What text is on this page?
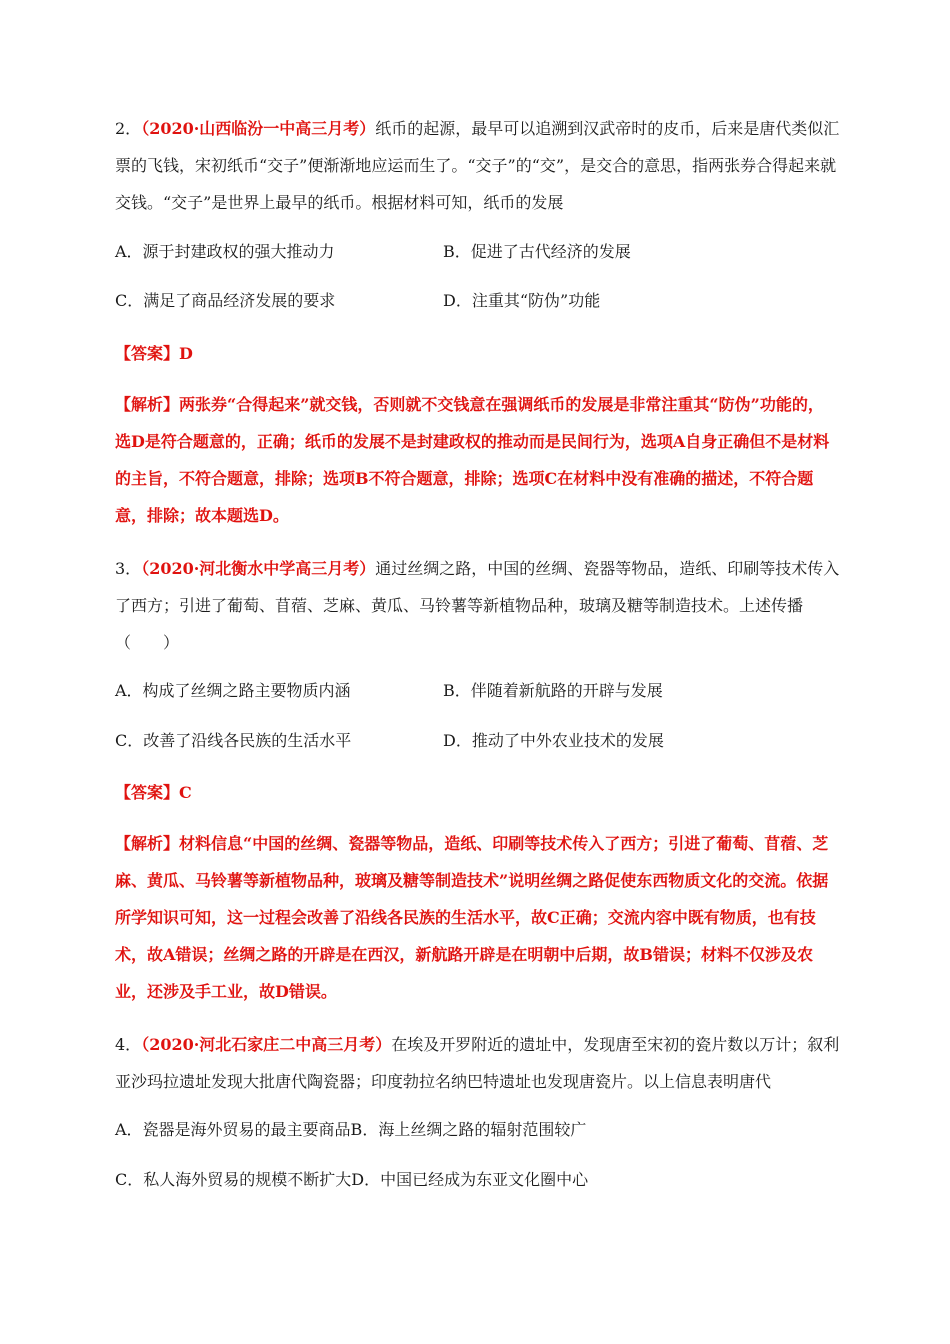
2．（2020·山西临汾一中高三月考）纸币的起源，最早可以追溯到汉武帝时的皮币，后来是唐代类似汇票的飞钱，宋初纸币“交子”便渐渐地应运而生了。“交子”的“交”，是交合的意思，指两张券合得起来就交钱。“交子”是世界上最早的纸币。根据材料可知，纸币的发展
A．源于封建政权的强大推动力	B．促进了古代经济的发展
C．满足了商品经济发展的要求	D．注重其“防伪”功能
【答案】D
【解析】两张券“合得起来”就交钱，否则就不交钱意在强调纸币的发展是非常注重其“防伪”功能的，选D是符合题意的，正确；纸币的发展不是封建政权的推动而是民间行为，选项A自身正确但不是材料的主旨，不符合题意，排除；选项B不符合题意，排除；选项C在材料中没有准确的描述，不符合题意，排除；故本题选D。
3．（2020·河北衡水中学高三月考）通过丝绸之路，中国的丝绸、瓷器等物品，造纸、印刷等技术传入了西方；引进了葡萄、苜蓿、芝麻、黄瓜、马铃薯等新植物品种，玻璃及糖等制造技术。上述传播（　　）
A．构成了丝绸之路主要物质内涵	B．伴随着新航路的开辟与发展
C．改善了沿线各民族的生活水平	D．推动了中外农业技术的发展
【答案】C
【解析】材料信息“中国的丝绸、瓷器等物品，造纸、印刷等技术传入了西方；引进了葡萄、苜蓿、芝麻、黄瓜、马铃薯等新植物品种，玻璃及糖等制造技术”说明丝绸之路促使东西物质文化的交流。依据所学知识可知，这一过程会改善了沿线各民族的生活水平，故C正确；交流内容中既有物质，也有技术，故A错误；丝绸之路的开辟是在西汉，新航路开辟是在明朝中后期，故B错误；材料不仅涉及农业，还涉及手工业，故D错误。
4．（2020·河北石家庄二中高三月考）在埃及开罗附近的遗址中，发现唐至宋初的瓷片数以万计；叙利亚沙玛拉遗址发现大批唐代陶瓷器；印度勃拉名纳巴特遗址也发现唐瓷片。以上信息表明唐代
A．瓷器是海外贸易的最主要商品B．海上丝绸之路的辐射范围较广
C．私人海外贸易的规模不断扩大D．中国已经成为东亚文化圈中心
